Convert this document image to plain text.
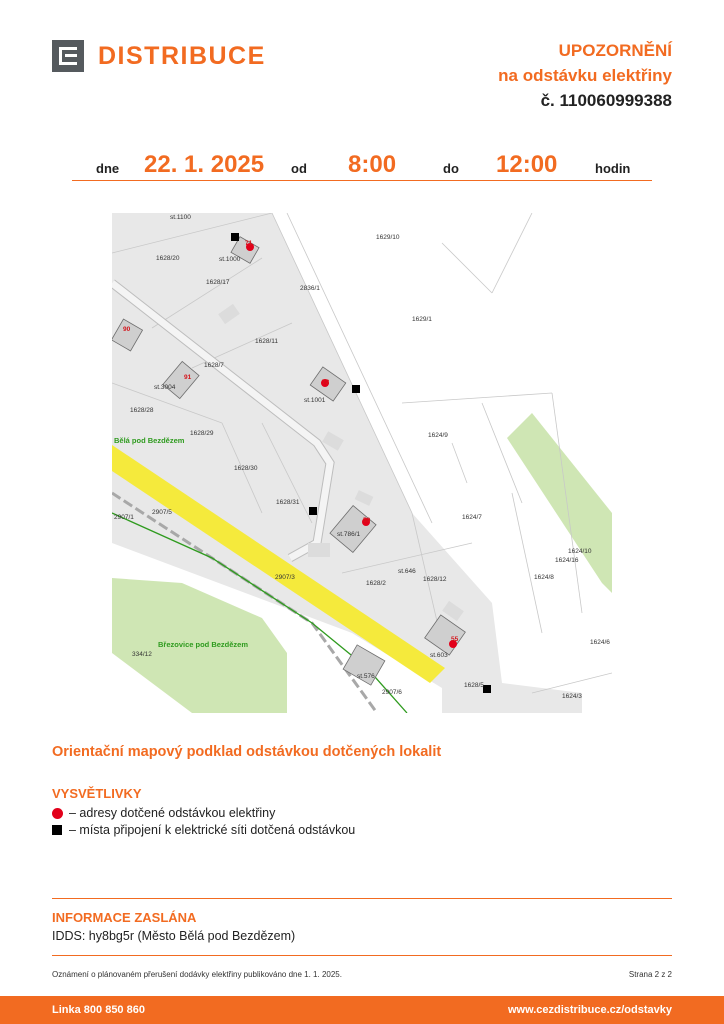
DISTRIBUCE	UPOZORNĚNÍ
na odstávku elektřiny
č. 110060999388
dne 22. 1. 2025 od 8:00	do 12:00	hodin
st.1100
1628/20	st.1000
1628/17
1629/10
2836/1
1629/1
1628/11
1628/7
st.3004
1628/28
1628/29
st.1001
1624/9
1628/30
1628/31
2907/1
2907/5
st.786/1
1624/7
1624/10
1624/16
1624/8
st.646
1628/12
1628/2
2907/3
334/12	st.603
st.576
2907/6
1628/5
1624/6
1624/3
71
90
91
72
59
55
Bělá pod Bezdězem
Březovice pod Bezdězem
Orientační mapový podklad odstávkou dotčených lokalit
VYSVĚTLIVKY
– adresy dotčené odstávkou elektřiny
– místa připojení k elektrické síti dotčená odstávkou
INFORMACE ZASLÁNA
IDDS: hy8bg5r (Město Bělá pod Bezdězem)
Oznámení o plánovaném přerušení dodávky elektřiny publikováno dne 1. 1. 2025.	Strana 2 z 2
Linka 800 850 860	www.cezdistribuce.cz/odstavky
